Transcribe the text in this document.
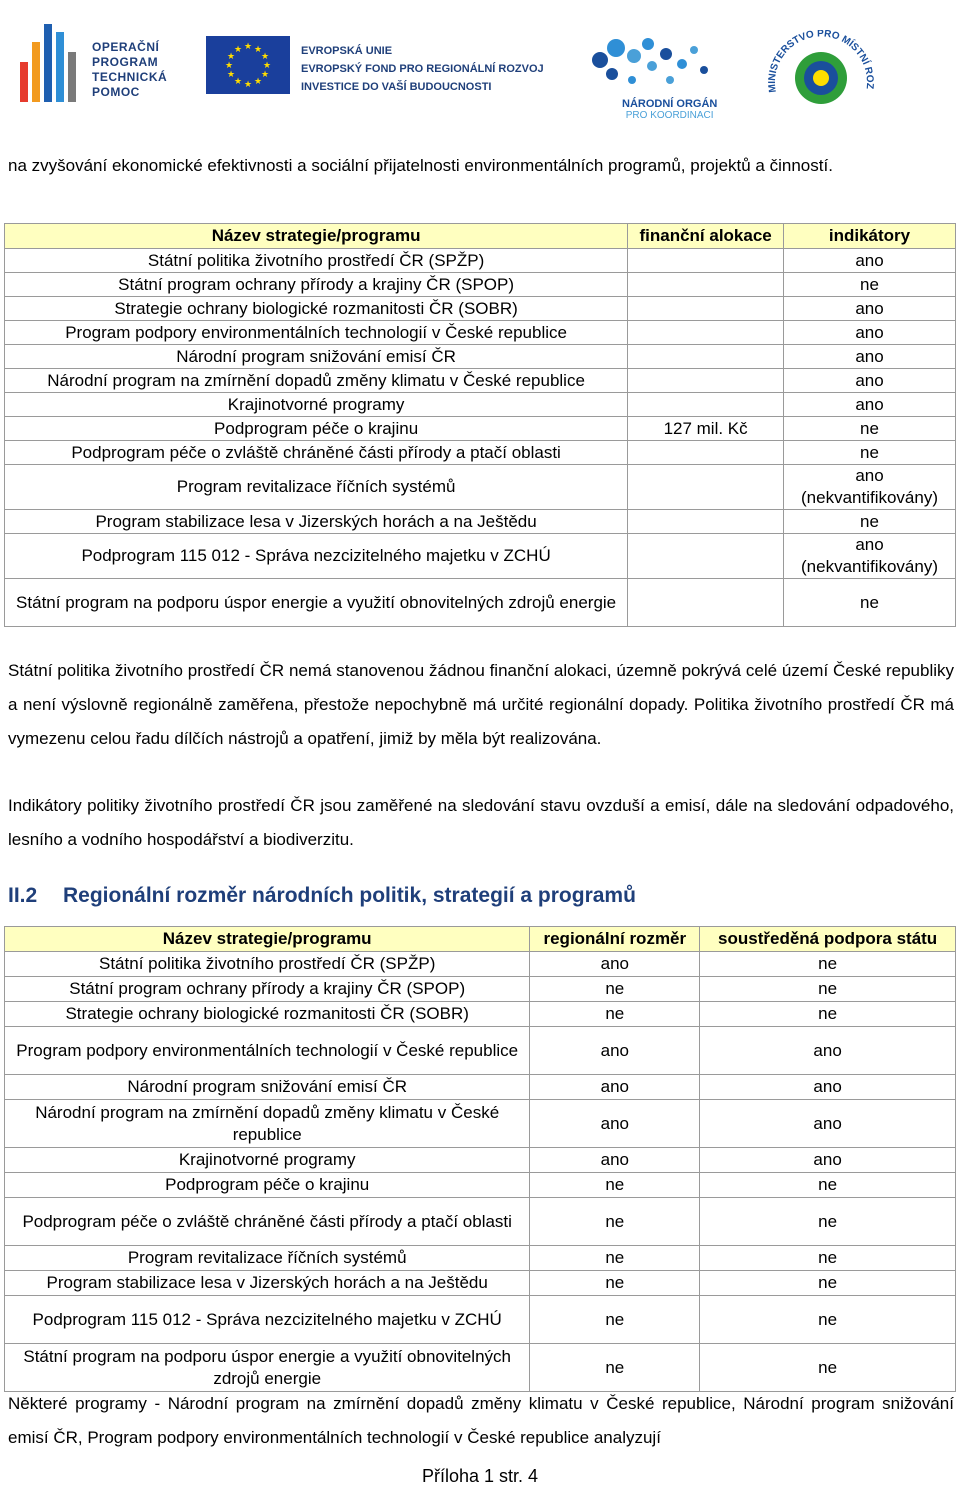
OPERAČNÍ
PROGRAM
TECHNICKÁ
POMOC
★ ★
★
★
★
★
★
★
★
★
★
★	EVROPSKÁ UNIE
EVROPSKÝ FOND PRO REGIONÁLNÍ ROZVOJ
INVESTICE DO VAŠÍ BUDOUCNOSTI
NÁRODNÍ ORGÁN
PRO KOORDINACI
MINISTERSTVO PRO MÍSTNÍ ROZ

na zvyšování ekonomické efektivnosti a sociální přijatelnosti environmentálních programů, projektů a činností.

Název strategie/programu	finanční alokace	indikátory
Státní politika životního prostředí ČR (SPŽP)		ano
Státní program ochrany přírody a krajiny ČR (SPOP)		ne
Strategie ochrany biologické rozmanitosti ČR (SOBR)		ano
Program podpory environmentálních technologií v České republice		ano
Národní program snižování emisí ČR		ano
Národní program na zmírnění dopadů změny klimatu v České republice		ano
Krajinotvorné programy		ano
Podprogram péče o krajinu	127 mil. Kč	ne
Podprogram péče o zvláště chráněné části přírody a ptačí oblasti		ne
Program revitalizace říčních systémů		ano (nekvantifikovány)
Program stabilizace lesa v Jizerských horách a na Ještědu		ne
Podprogram 115 012 - Správa nezcizitelného majetku v ZCHÚ		ano (nekvantifikovány)
Státní program na podporu úspor energie a využití obnovitelných zdrojů energie		ne

Státní politika životního prostředí ČR nemá stanovenou žádnou finanční alokaci, územně pokrývá celé území České republiky a není výslovně regionálně zaměřena, přestože nepochybně má určité regionální dopady. Politika životního prostředí ČR má vymezenu celou řadu dílčích nástrojů a opatření, jimiž by měla být realizována.

Indikátory politiky životního prostředí ČR jsou zaměřené na sledování stavu ovzduší a emisí, dále na sledování odpadového, lesního a vodního hospodářství a biodiverzitu.

II.2 Regionální rozměr národních politik, strategií a programů
Název strategie/programu	regionální rozměr	soustředěná podpora státu
Státní politika životního prostředí ČR (SPŽP)	ano	ne
Státní program ochrany přírody a krajiny ČR (SPOP)	ne	ne
Strategie ochrany biologické rozmanitosti ČR (SOBR)	ne	ne
Program podpory environmentálních technologií v České republice	ano	ano
Národní program snižování emisí ČR	ano	ano
Národní program na zmírnění dopadů změny klimatu v České republice	ano	ano
Krajinotvorné programy	ano	ano
Podprogram péče o krajinu	ne	ne
Podprogram péče o zvláště chráněné části přírody a ptačí oblasti	ne	ne
Program revitalizace říčních systémů	ne	ne
Program stabilizace lesa v Jizerských horách a na Ještědu	ne	ne
Podprogram 115 012 - Správa nezcizitelného majetku v ZCHÚ	ne	ne
Státní program na podporu úspor energie a využití obnovitelných zdrojů energie	ne	ne

Některé programy - Národní program na zmírnění dopadů změny klimatu v České republice, Národní program snižování emisí ČR, Program podpory environmentálních technologií v České republice analyzují

Příloha 1 str. 4
